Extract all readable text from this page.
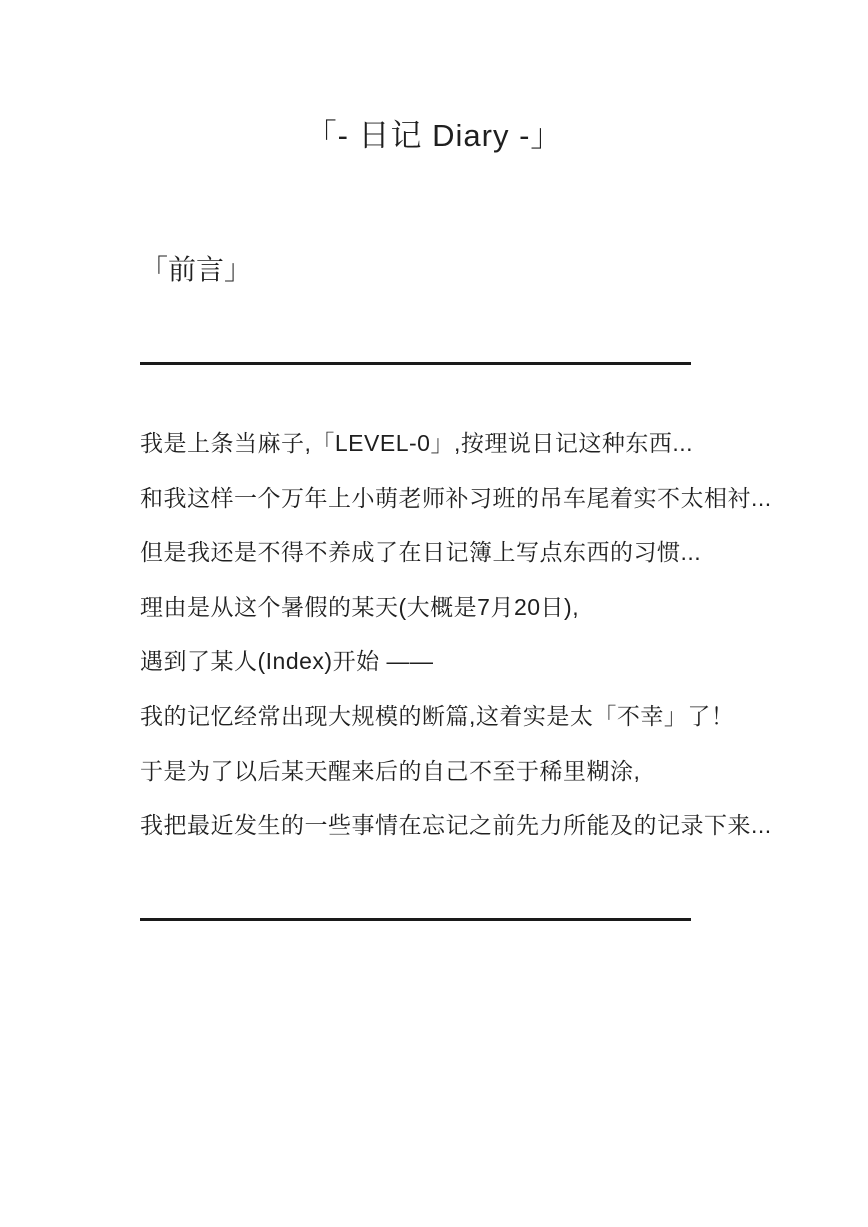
「- 日记 Diary -」
「前言」

我是上条当麻子,「LEVEL-0」,按理说日记这种东西...

和我这样一个万年上小萌老师补习班的吊车尾着实不太相衬...

但是我还是不得不养成了在日记簿上写点东西的习惯...

理由是从这个暑假的某天(大概是7月20日),

遇到了某人(Index)开始 ——

我的记忆经常出现大规模的断篇,这着实是太「不幸」了！

于是为了以后某天醒来后的自己不至于稀里糊涂,

我把最近发生的一些事情在忘记之前先力所能及的记录下来...
